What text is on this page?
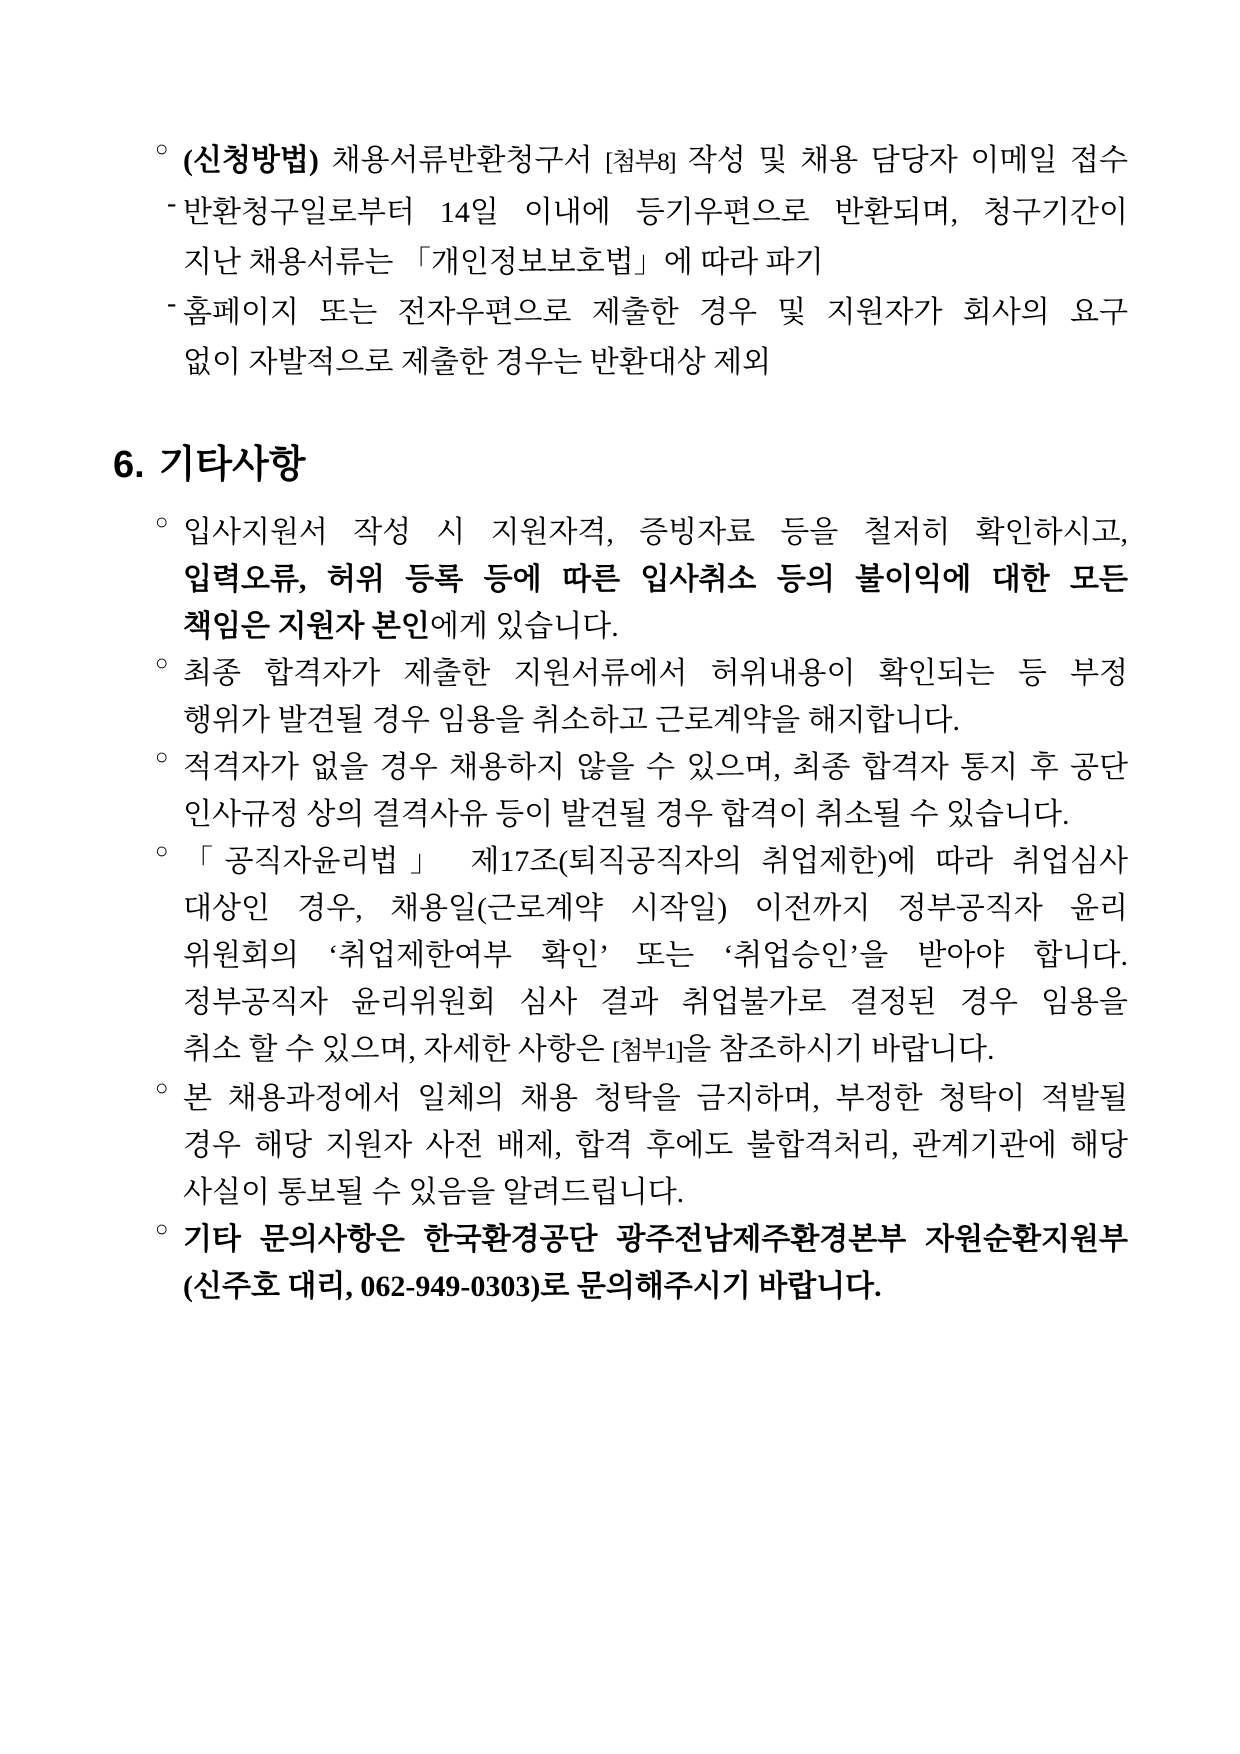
○ (신청방법) 채용서류반환청구서 [첨부8] 작성 및 채용 담당자 이메일 접수
- 반환청구일로부터 14일 이내에 등기우편으로 반환되며, 청구기간이
지난 채용서류는 「개인정보보호법」에 따라 파기
- 홈페이지 또는 전자우편으로 제출한 경우 및 지원자가 회사의 요구
없이 자발적으로 제출한 경우는 반환대상 제외
6. 기타사항
○ 입사지원서 작성 시 지원자격, 증빙자료 등을 철저히 확인하시고,
입력오류, 허위 등록 등에 따른 입사취소 등의 불이익에 대한 모든
책임은 지원자 본인에게 있습니다.
○ 최종 합격자가 제출한 지원서류에서 허위내용이 확인되는 등 부정
행위가 발견될 경우 임용을 취소하고 근로계약을 해지합니다.
○ 적격자가 없을 경우 채용하지 않을 수 있으며, 최종 합격자 통지 후 공단
인사규정 상의 결격사유 등이 발견될 경우 합격이 취소될 수 있습니다.
○ 「공직자윤리법」 제17조(퇴직공직자의 취업제한)에 따라 취업심사
대상인 경우, 채용일(근로계약 시작일) 이전까지 정부공직자 윤리
위원회의 ‘취업제한여부 확인’ 또는 ‘취업승인’을 받아야 합니다.
정부공직자 윤리위원회 심사 결과 취업불가로 결정된 경우 임용을
취소 할 수 있으며, 자세한 사항은 [첨부1]을 참조하시기 바랍니다.
○ 본 채용과정에서 일체의 채용 청탁을 금지하며, 부정한 청탁이 적발될
경우 해당 지원자 사전 배제, 합격 후에도 불합격처리, 관계기관에 해당
사실이 통보될 수 있음을 알려드립니다.
○ 기타 문의사항은 한국환경공단 광주전남제주환경본부 자원순환지원부
(신주호 대리, 062-949-0303)로 문의해주시기 바랍니다.
